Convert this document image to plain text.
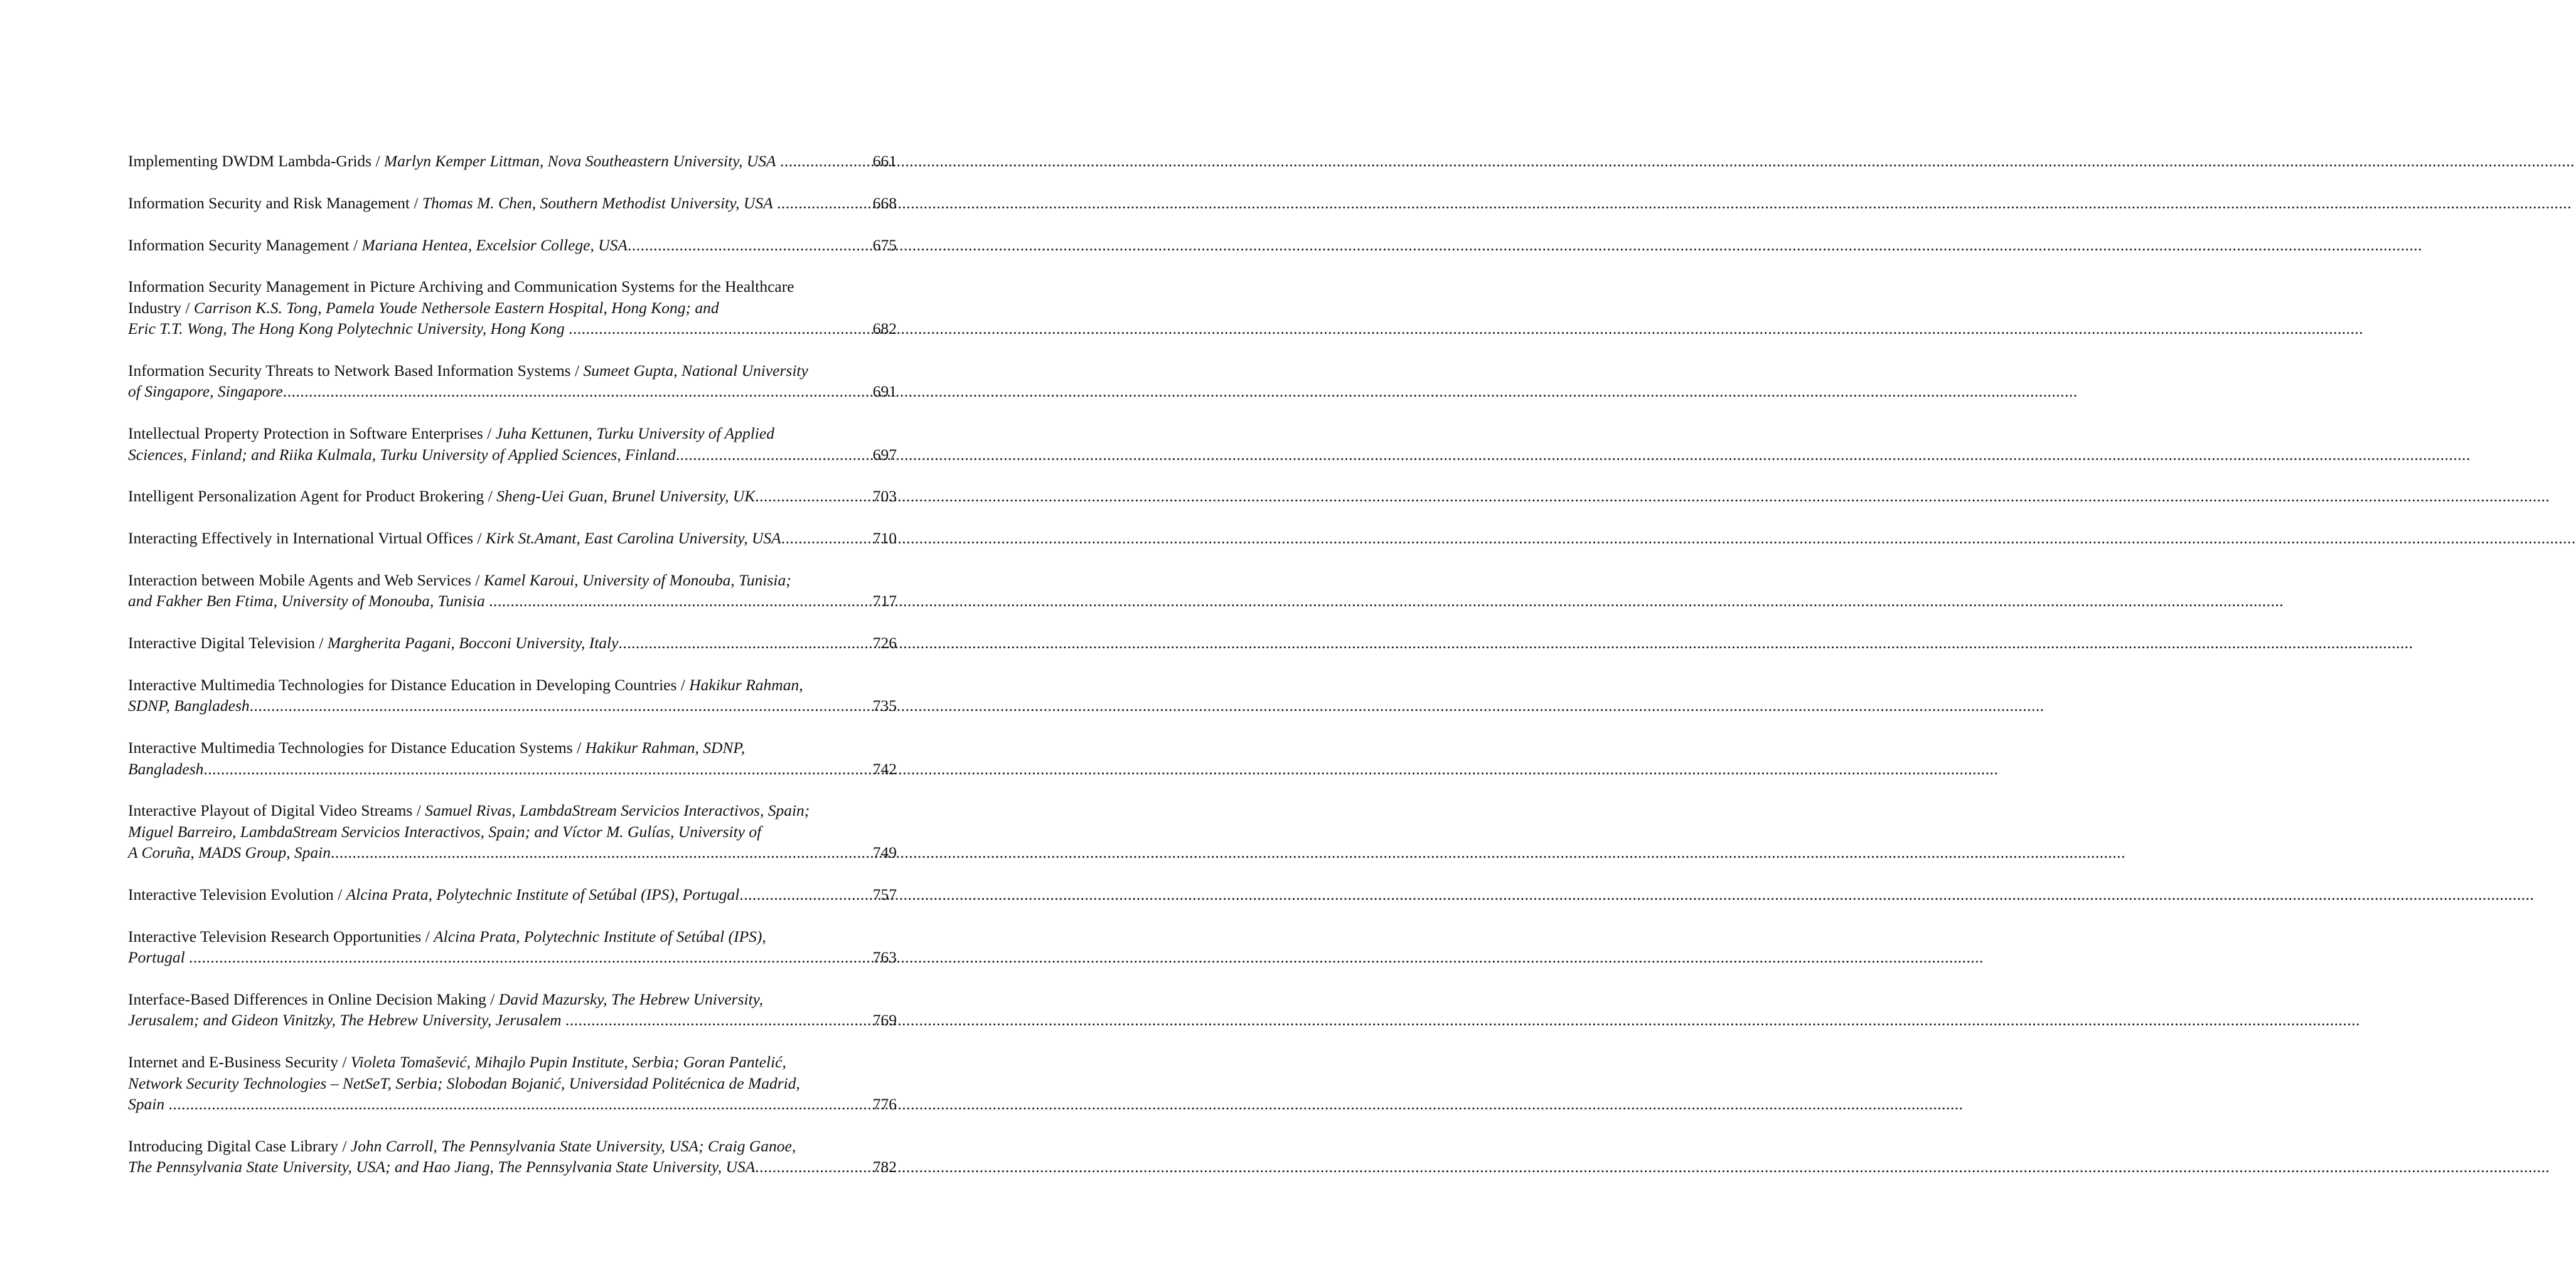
Implementing DWDM Lambda-Grids / Marlyn Kemper Littman, Nova Southeastern University, USA .....	661
Information Security and Risk Management / Thomas M. Chen, Southern Methodist University, USA .....	668
Information Security Management / Mariana Hentea, Excelsior College, USA .....	675
Information Security Management in Picture Archiving and Communication Systems for the Healthcare
Industry / Carrison K.S. Tong, Pamela Youde Nethersole Eastern Hospital, Hong Kong; and
Eric T.T. Wong, The Hong Kong Polytechnic University, Hong Kong .....	682
Information Security Threats to Network Based Information Systems / Sumeet Gupta, National University
of Singapore, Singapore .....	691
Intellectual Property Protection in Software Enterprises / Juha Kettunen, Turku University of Applied
Sciences, Finland; and Riika Kulmala, Turku University of Applied Sciences, Finland .....	697
Intelligent Personalization Agent for Product Brokering / Sheng-Uei Guan, Brunel University, UK .....	703
Interacting Effectively in International Virtual Offices / Kirk St.Amant, East Carolina University, USA .....	710
Interaction between Mobile Agents and Web Services / Kamel Karoui, University of Monouba, Tunisia;
and Fakher Ben Ftima, University of Monouba, Tunisia .....	717
Interactive Digital Television / Margherita Pagani, Bocconi University, Italy .....	726
Interactive Multimedia Technologies for Distance Education in Developing Countries / Hakikur Rahman,
SDNP, Bangladesh .....	735
Interactive Multimedia Technologies for Distance Education Systems / Hakikur Rahman, SDNP,
Bangladesh .....	742
Interactive Playout of Digital Video Streams / Samuel Rivas, LambdaStream Servicios Interactivos, Spain;
Miguel Barreiro, LambdaStream Servicios Interactivos, Spain; and Víctor M. Gulías, University of
A Coruña, MADS Group, Spain .....	749
Interactive Television Evolution / Alcina Prata, Polytechnic Institute of Setúbal (IPS), Portugal .....	757
Interactive Television Research Opportunities / Alcina Prata, Polytechnic Institute of Setúbal (IPS),
Portugal .....	763
Interface-Based Differences in Online Decision Making / David Mazursky, The Hebrew University,
Jerusalem; and Gideon Vinitzky, The Hebrew University, Jerusalem .....	769
Internet and E-Business Security / Violeta Tomašević, Mihajlo Pupin Institute, Serbia; Goran Pantelić,
Network Security Technologies – NetSeT, Serbia; Slobodan Bojanić, Universidad Politécnica de Madrid,
Spain .....	776
Introducing Digital Case Library / John Carroll, The Pennsylvania State University, USA; Craig Ganoe,
The Pennsylvania State University, USA; and Hao Jiang, The Pennsylvania State University, USA .....	782
